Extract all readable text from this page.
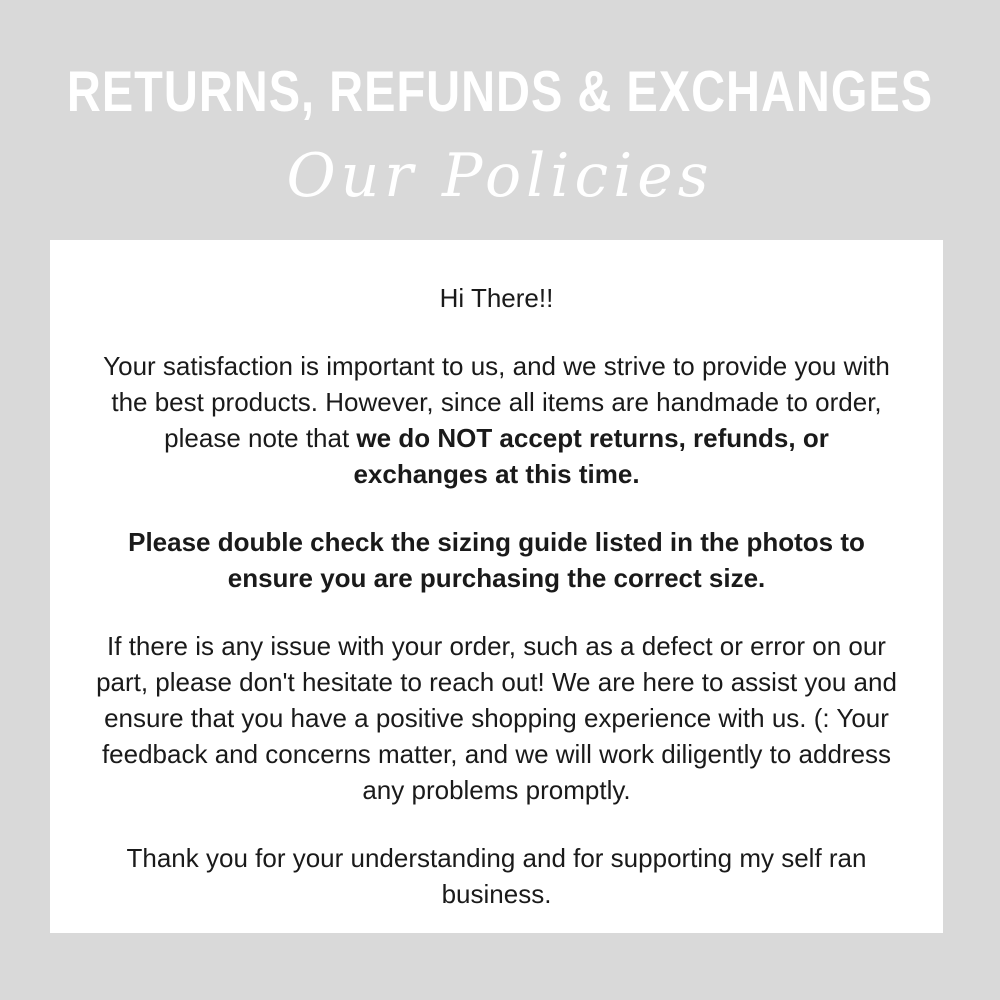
RETURNS, REFUNDS & EXCHANGES
Our Policies

Hi There!!

Your satisfaction is important to us, and we strive to provide you with the best products. However, since all items are handmade to order, please note that we do NOT accept returns, refunds, or exchanges at this time.

Please double check the sizing guide listed in the photos to ensure you are purchasing the correct size.

If there is any issue with your order, such as a defect or error on our part, please don't hesitate to reach out! We are here to assist you and ensure that you have a positive shopping experience with us. (: Your feedback and concerns matter, and we will work diligently to address any problems promptly.

Thank you for your understanding and for supporting my self ran business.
